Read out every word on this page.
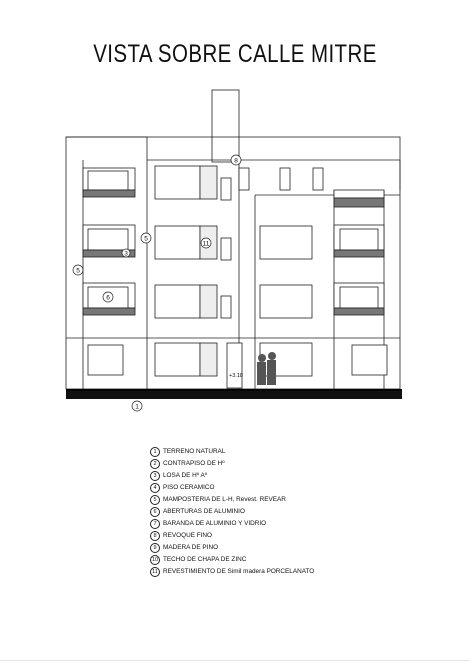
VISTA SOBRE CALLE MITRE
1
5
5
6
8
11
3
+3.18
1	TERRENO NATURAL
2	CONTRAPISO DE Hº
3	LOSA DE Hº Aº
4	PISO CERAMICO
5	MAMPOSTERIA DE L-H, Revest. REVEAR
6	ABERTURAS DE ALUMINIO
7	BARANDA DE ALUMINIO Y VIDRIO
8	REVOQUE FINO
9	MADERA DE PINO
10 TECHO DE CHAPA DE ZINC
11 REVESTIMIENTO DE Simil madera PORCELANATO
